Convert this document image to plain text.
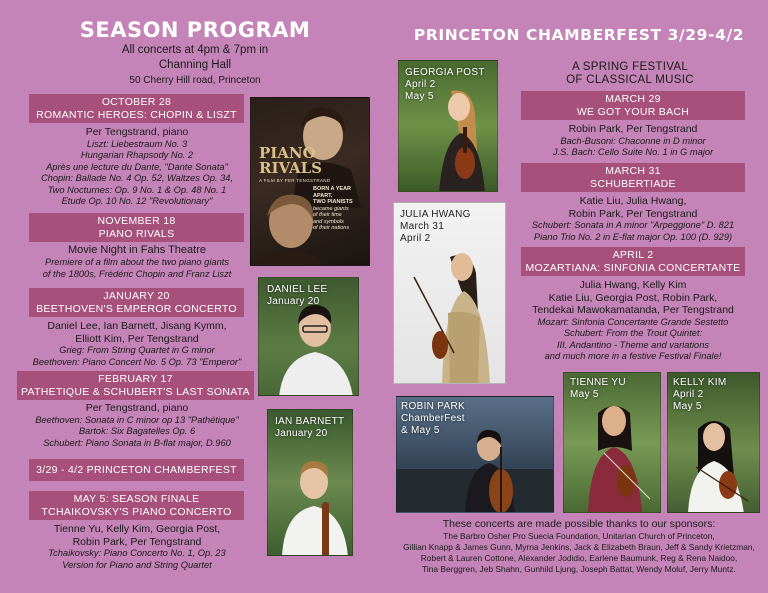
SEASON PROGRAM
All concerts at 4pm & 7pm in
Channing Hall
50 Cherry Hill road, Princeton
OCTOBER 28
ROMANTIC HEROES: CHOPIN & LISZT
Per Tengstrand, piano
Liszt: Liebestraum No. 3
Hungarian Rhapsody No. 2
Après une lecture du Dante, "Dante Sonata"
Chopin: Ballade No. 4 Op. 52, Waltzes Op. 34,
Two Nocturnes: Op. 9 No. 1 & Op. 48 No. 1
Etude Op. 10 No. 12 "Revolutionary"
NOVEMBER 18
PIANO RIVALS
Movie Night in Fahs Theatre
Premiere of a film about the two piano giants
of the 1800s, Frédéric Chopin and Franz Liszt
JANUARY 20
BEETHOVEN'S EMPEROR CONCERTO
Daniel Lee, Ian Barnett, Jisang Kymm,
Elliott Kim, Per Tengstrand
Grieg: From String Quartet in G minor
Beethoven: Piano Concert No. 5 Op. 73 "Emperor"
FEBRUARY 17
PATHETIQUE & SCHUBERT'S LAST SONATA
Per Tengstrand, piano
Beethoven: Sonata in C minor op 13 "Pathétique"
Bartok: Six Bagatelles Op. 6
Schubert: Piano Sonata in B-flat major, D.960
3/29 - 4/2 PRINCETON CHAMBERFEST
MAY 5: SEASON FINALE
TCHAIKOVSKY'S PIANO CONCERTO
Tienne Yu, Kelly Kim, Georgia Post,
Robin Park, Per Tengstrand
Tchaikovsky: Piano Concerto No. 1, Op. 23
Version for Piano and String Quartet
PIANO
RIVALS
A FILM BY PER TENGSTRAND
BORN A YEAR APART,
TWO PIANISTS
became giants
of their time
and symbols
of their nations
DANIEL LEE
January 20
IAN BARNETT
January 20
GEORGIA POST
April 2
May 5
JULIA HWANG
March 31
April 2
ROBIN PARK
ChamberFest
& May 5
TIENNE YU
May 5
KELLY KIM
April 2
May 5
PRINCETON CHAMBERFEST 3/29-4/2
A SPRING FESTIVAL
OF CLASSICAL MUSIC
MARCH 29
WE GOT YOUR BACH
Robin Park, Per Tengstrand
Bach-Busoni: Chaconne in D minor
J.S. Bach: Cello Suite No. 1 in G major
MARCH 31
SCHUBERTIADE
Katie Liu, Julia Hwang,
Robin Park, Per Tengstrand
Schubert: Sonata in A minor "Arpeggione" D. 821
Piano Trio No. 2 in E-flat major Op. 100 (D. 929)
APRIL 2
MOZARTIANA: SINFONIA CONCERTANTE
Julia Hwang, Kelly Kim
Katie Liu, Georgia Post, Robin Park,
Tendekai Mawokamatanda, Per Tengstrand
Mozart: Sinfonia Concertante Grande Sestetto
Schubert: From the Trout Quintet:
III. Andantino - Theme and variations
and much more in a festive Festival Finale!
These concerts are made possible thanks to our sponsors:
The Barbro Osher Pro Suecia Foundation, Unitarian Church of Princeton,
Gillian Knapp & James Gunn, Myrna Jenkins, Jack & Elizabeth Braun, Jeff & Sandy Krietzman,
Robert & Lauren Cottone, Alexander Jodidio, Earlene Baumunk, Reg & Rena Naidoo,
Tina Berggren, Jeb Shahn, Gunhild Ljung, Joseph Battat, Wendy Moluf, Jerry Muntz.
